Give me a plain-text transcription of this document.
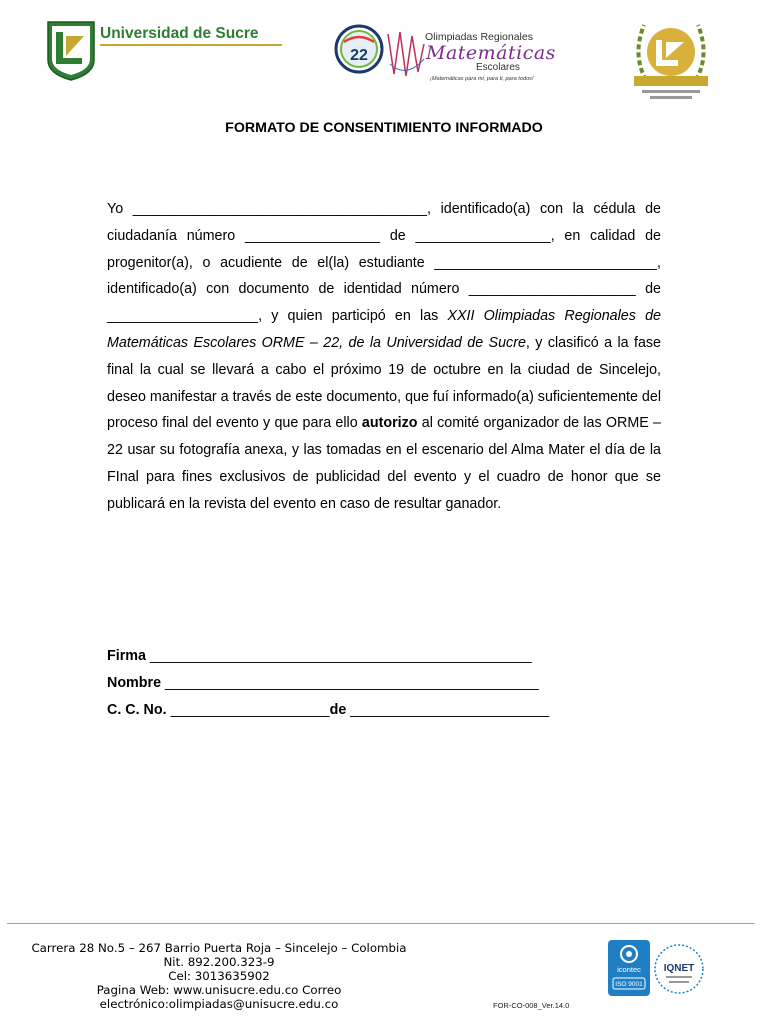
Universidad de Sucre
22
Olimpiadas Regionales
Matemáticas
Escolares
¡Matemáticas para mi, para ti, para todos!
FORMATO DE CONSENTIMIENTO INFORMADO
Yo _____________________________________, identificado(a) con la cédula de ciudadanía número _________________ de _________________, en calidad de progenitor(a), o acudiente de el(la) estudiante ____________________________, identificado(a) con documento de identidad número _____________________ de ___________________, y quien participó en las XXII Olimpiadas Regionales de Matemáticas Escolares ORME – 22, de la Universidad de Sucre, y clasificó a la fase final la cual se llevará a cabo el próximo 19 de octubre en la ciudad de Sincelejo, deseo manifestar a través de este documento, que fuí informado(a) suficientemente del proceso final del evento y que para ello autorizo al comité organizador de las ORME – 22 usar su fotografía anexa, y las tomadas en el escenario del Alma Mater el día de la FInal para fines exclusivos de publicidad del evento y el cuadro de honor que se publicará en la revista del evento en caso de resultar ganador.
Firma ________________________________________________
Nombre _______________________________________________
C. C. No. ____________________de _________________________
Carrera 28 No.5 – 267 Barrio Puerta Roja – Sincelejo – Colombia
Nit. 892.200.323-9
Cel: 3013635902
Pagina Web: www.unisucre.edu.co Correo
electrónico:olimpiadas@unisucre.edu.co	FOR-CO-008_Ver.14.0
icontec
ISO 9001
IQNET
